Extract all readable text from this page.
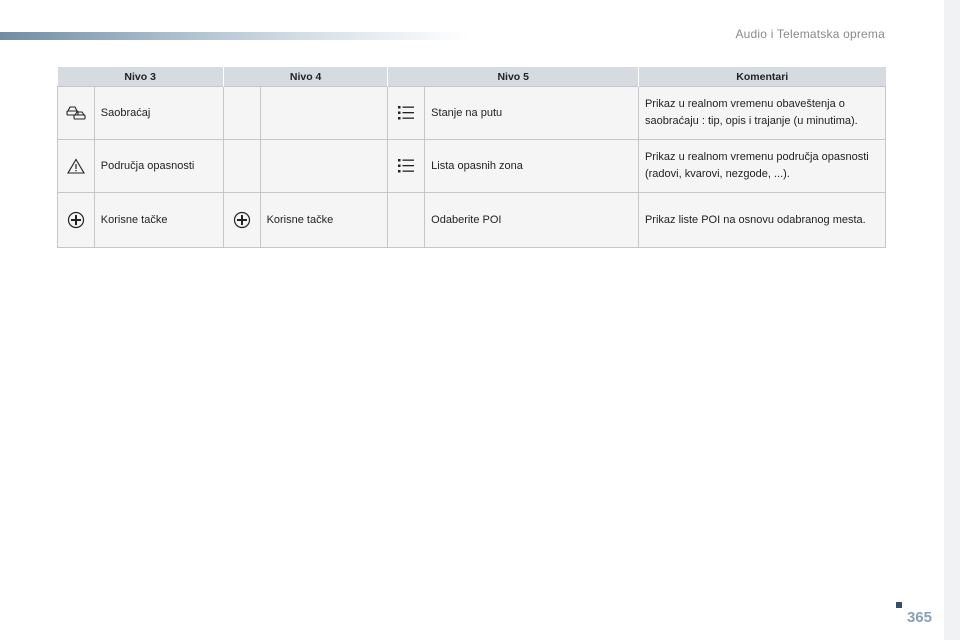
Audio i Telematska oprema
Nivo 3		Nivo 4		Nivo 5		Komentari
	Saobraćaj				Stanje na putu	Prikaz u realnom vremenu obaveštenja o saobraćaju : tip, opis i trajanje (u minutima).
	Područja opasnosti				Lista opasnih zona	Prikaz u realnom vremenu područja opasnosti (radovi, kvarovi, nezgode, ...).
	Korisne tačke		Korisne tačke		Odaberite POI	Prikaz liste POI na osnovu odabranog mesta.
365
